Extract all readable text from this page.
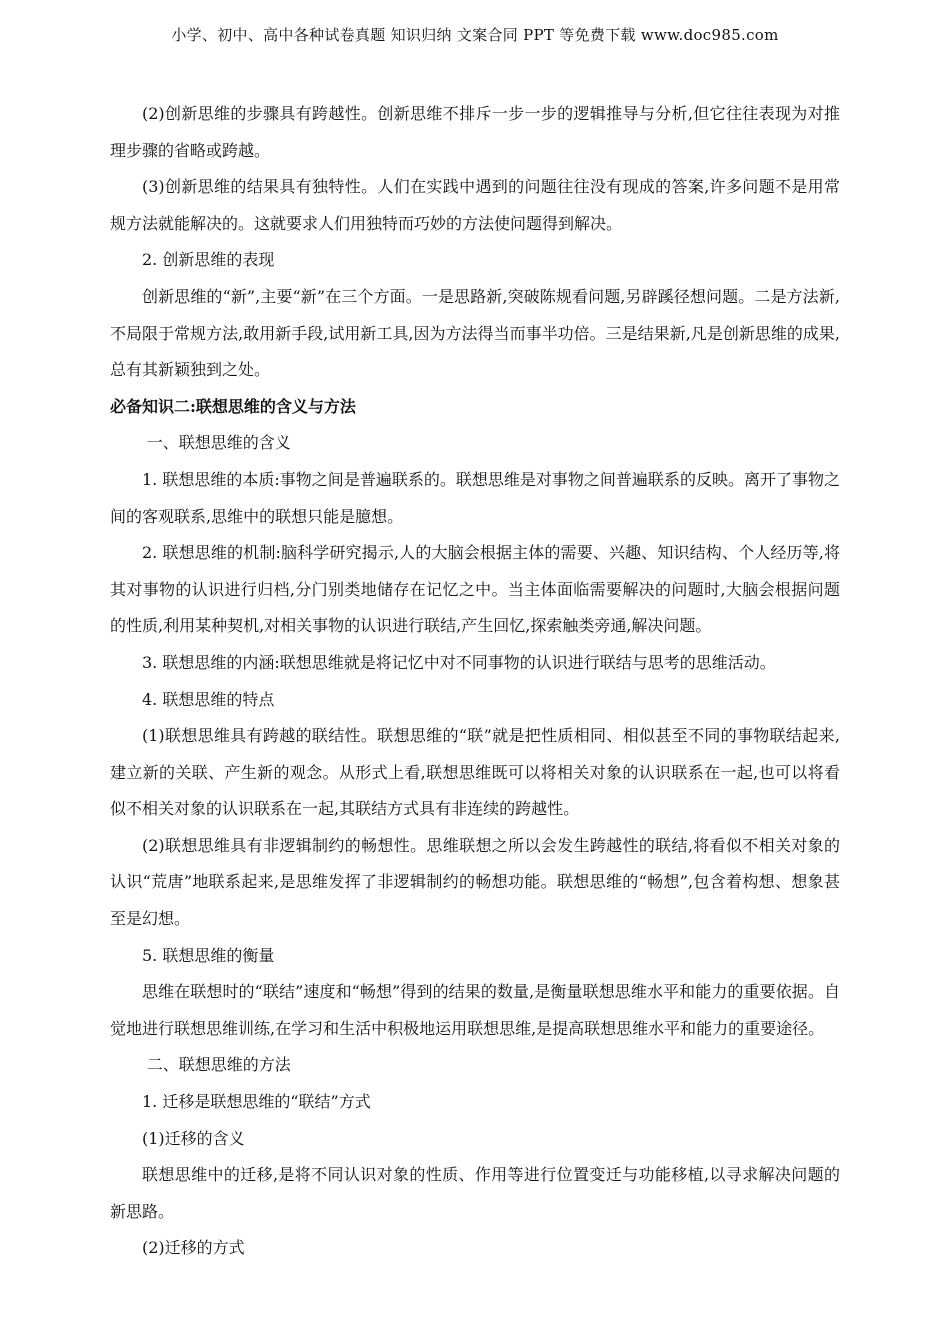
小学、初中、高中各种试卷真题 知识归纳 文案合同 PPT 等免费下载 www.doc985.com

(2)创新思维的步骤具有跨越性。创新思维不排斥一步一步的逻辑推导与分析,但它往往表现为对推理步骤的省略或跨越。

(3)创新思维的结果具有独特性。人们在实践中遇到的问题往往没有现成的答案,许多问题不是用常规方法就能解决的。这就要求人们用独特而巧妙的方法使问题得到解决。

2. 创新思维的表现

创新思维的“新”,主要“新”在三个方面。一是思路新,突破陈规看问题,另辟蹊径想问题。二是方法新,不局限于常规方法,敢用新手段,试用新工具,因为方法得当而事半功倍。三是结果新,凡是创新思维的成果,总有其新颖独到之处。

必备知识二:联想思维的含义与方法

一、联想思维的含义

1. 联想思维的本质:事物之间是普遍联系的。联想思维是对事物之间普遍联系的反映。离开了事物之间的客观联系,思维中的联想只能是臆想。

2. 联想思维的机制:脑科学研究揭示,人的大脑会根据主体的需要、兴趣、知识结构、个人经历等,将其对事物的认识进行归档,分门别类地储存在记忆之中。当主体面临需要解决的问题时,大脑会根据问题的性质,利用某种契机,对相关事物的认识进行联结,产生回忆,探索触类旁通,解决问题。

3. 联想思维的内涵:联想思维就是将记忆中对不同事物的认识进行联结与思考的思维活动。

4. 联想思维的特点

(1)联想思维具有跨越的联结性。联想思维的“联”就是把性质相同、相似甚至不同的事物联结起来,建立新的关联、产生新的观念。从形式上看,联想思维既可以将相关对象的认识联系在一起,也可以将看似不相关对象的认识联系在一起,其联结方式具有非连续的跨越性。

(2)联想思维具有非逻辑制约的畅想性。思维联想之所以会发生跨越性的联结,将看似不相关对象的认识“荒唐”地联系起来,是思维发挥了非逻辑制约的畅想功能。联想思维的“畅想”,包含着构想、想象甚至是幻想。

5. 联想思维的衡量

思维在联想时的“联结”速度和“畅想”得到的结果的数量,是衡量联想思维水平和能力的重要依据。自觉地进行联想思维训练,在学习和生活中积极地运用联想思维,是提高联想思维水平和能力的重要途径。

二、联想思维的方法

1. 迁移是联想思维的“联结”方式

(1)迁移的含义

联想思维中的迁移,是将不同认识对象的性质、作用等进行位置变迁与功能移植,以寻求解决问题的新思路。

(2)迁移的方式
